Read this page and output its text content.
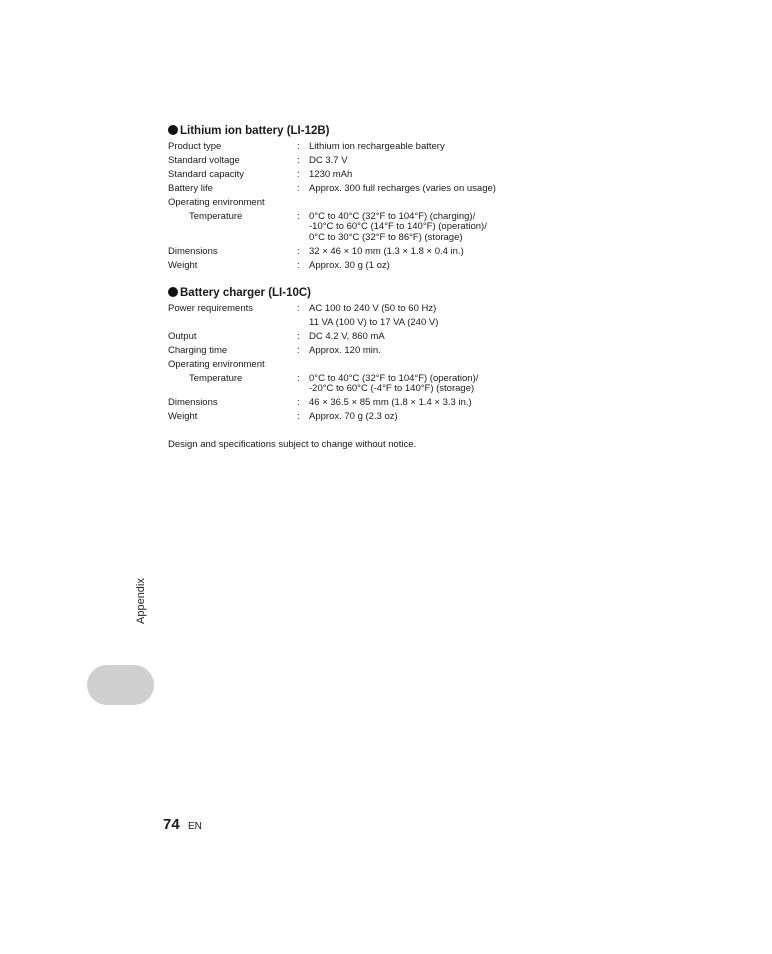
Lithium ion battery (LI-12B)
Product type	: Lithium ion rechargeable battery
Standard voltage	: DC 3.7 V
Standard capacity	: 1230 mAh
Battery life	: Approx. 300 full recharges (varies on usage)
Operating environment
Temperature	: 0°C to 40°C (32°F to 104°F) (charging)/
-10°C to 60°C (14°F to 140°F) (operation)/
0°C to 30°C (32°F to 86°F) (storage)
Dimensions	: 32 × 46 × 10 mm (1.3 × 1.8 × 0.4 in.)
Weight	: Approx. 30 g (1 oz)
Battery charger (LI-10C)
Power requirements	: AC 100 to 240 V (50 to 60 Hz)
11 VA (100 V) to 17 VA (240 V)
Output	: DC 4.2 V, 860 mA
Charging time	: Approx. 120 min.
Operating environment
Temperature	: 0°C to 40°C (32°F to 104°F) (operation)/
-20°C to 60°C (-4°F to 140°F) (storage)
Dimensions	: 46 × 36.5 × 85 mm (1.8 × 1.4 × 3.3 in.)
Weight	: Approx. 70 g (2.3 oz)
Design and specifications subject to change without notice.
Appendix
74 EN
